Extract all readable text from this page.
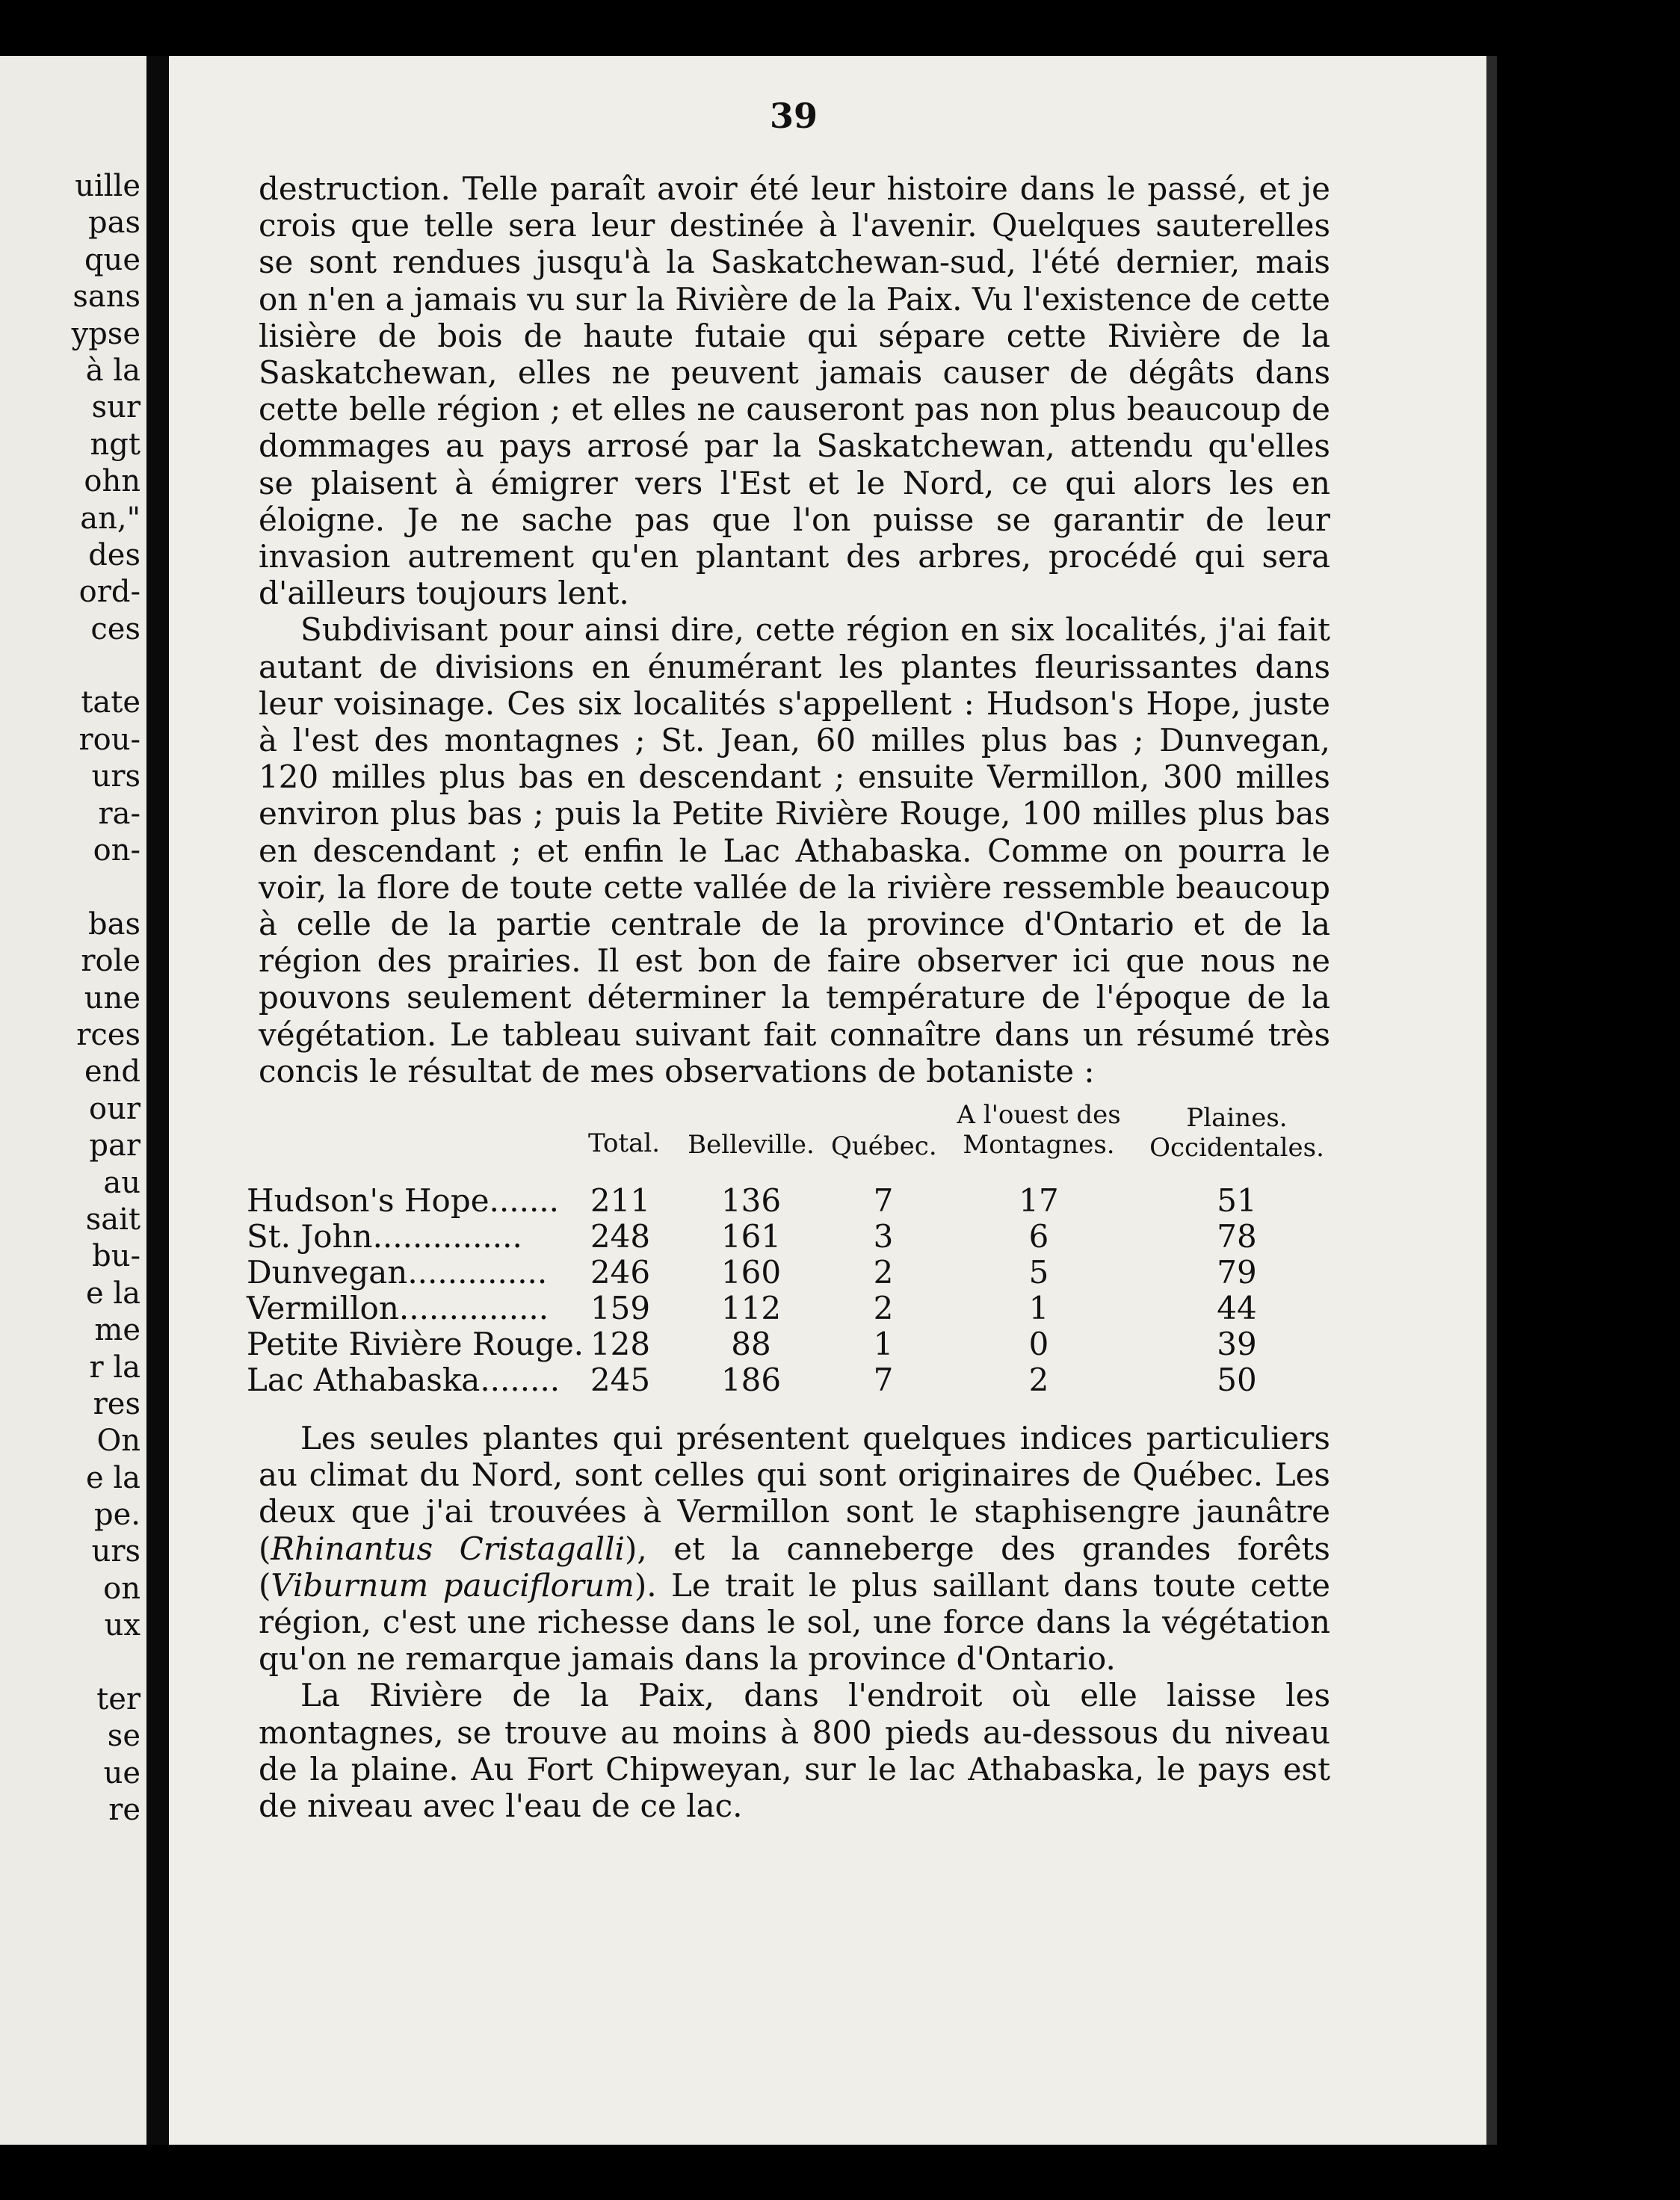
uille
pas
que
sans
ypse
à la
sur
ngt
ohn
an,"
des
ord-
ces
tate
rou-
urs
ra-
on-
bas
role
une
rces
end
our
par
au
sait
bu-
e la
me
r la
res
On
e la
pe.
urs
on
ux
ter
se
ue
re
39

destruction. Telle paraît avoir été leur histoire dans le passé, et je crois que telle sera leur destinée à l'avenir. Quelques sauterelles se sont rendues jusqu'à la Saskatchewan-sud, l'été dernier, mais on n'en a jamais vu sur la Rivière de la Paix. Vu l'existence de cette lisière de bois de haute futaie qui sépare cette Rivière de la Saskatchewan, elles ne peuvent jamais causer de dégâts dans cette belle région ; et elles ne causeront pas non plus beaucoup de dommages au pays arrosé par la Saskatchewan, attendu qu'elles se plaisent à émigrer vers l'Est et le Nord, ce qui alors les en éloigne. Je ne sache pas que l'on puisse se garantir de leur invasion autrement qu'en plantant des arbres, procédé qui sera d'ailleurs toujours lent.

Subdivisant pour ainsi dire, cette région en six localités, j'ai fait autant de divisions en énumérant les plantes fleurissantes dans leur voisinage. Ces six localités s'appellent : Hudson's Hope, juste à l'est des montagnes ; St. Jean, 60 milles plus bas ; Dunvegan, 120 milles plus bas en descendant ; ensuite Vermillon, 300 milles environ plus bas ; puis la Petite Rivière Rouge, 100 milles plus bas en descendant ; et enfin le Lac Athabaska. Comme on pourra le voir, la flore de toute cette vallée de la rivière ressemble beaucoup à celle de la partie centrale de la province d'Ontario et de la région des prairies. Il est bon de faire observer ici que nous ne pouvons seulement déterminer la température de l'époque de la végétation. Le tableau suivant fait connaître dans un résumé très concis le résultat de mes observations de botaniste :

Total.	Belleville. Québec.
A l'ouest des
Montagnes.
Plaines.
Occidentales.
Hudson's Hope....... 211	136	7	17	51
St. John...............	248	161	3	6	78
Dunvegan..............	246	160	2	5	79
Vermillon...............	159	112	2	1	44
Petite Rivière Rouge. 128	88	1	0	39
Lac Athabaska........ 245	186	7	2	50

Les seules plantes qui présentent quelques indices particuliers au climat du Nord, sont celles qui sont originaires de Québec. Les deux que j'ai trouvées à Vermillon sont le staphisengre jaunâtre (Rhinantus Cristagalli), et la canneberge des grandes forêts (Viburnum pauciflorum). Le trait le plus saillant dans toute cette région, c'est une richesse dans le sol, une force dans la végétation qu'on ne remarque jamais dans la province d'Ontario.

La Rivière de la Paix, dans l'endroit où elle laisse les montagnes, se trouve au moins à 800 pieds au-dessous du niveau de la plaine. Au Fort Chipweyan, sur le lac Athabaska, le pays est de niveau avec l'eau de ce lac.
